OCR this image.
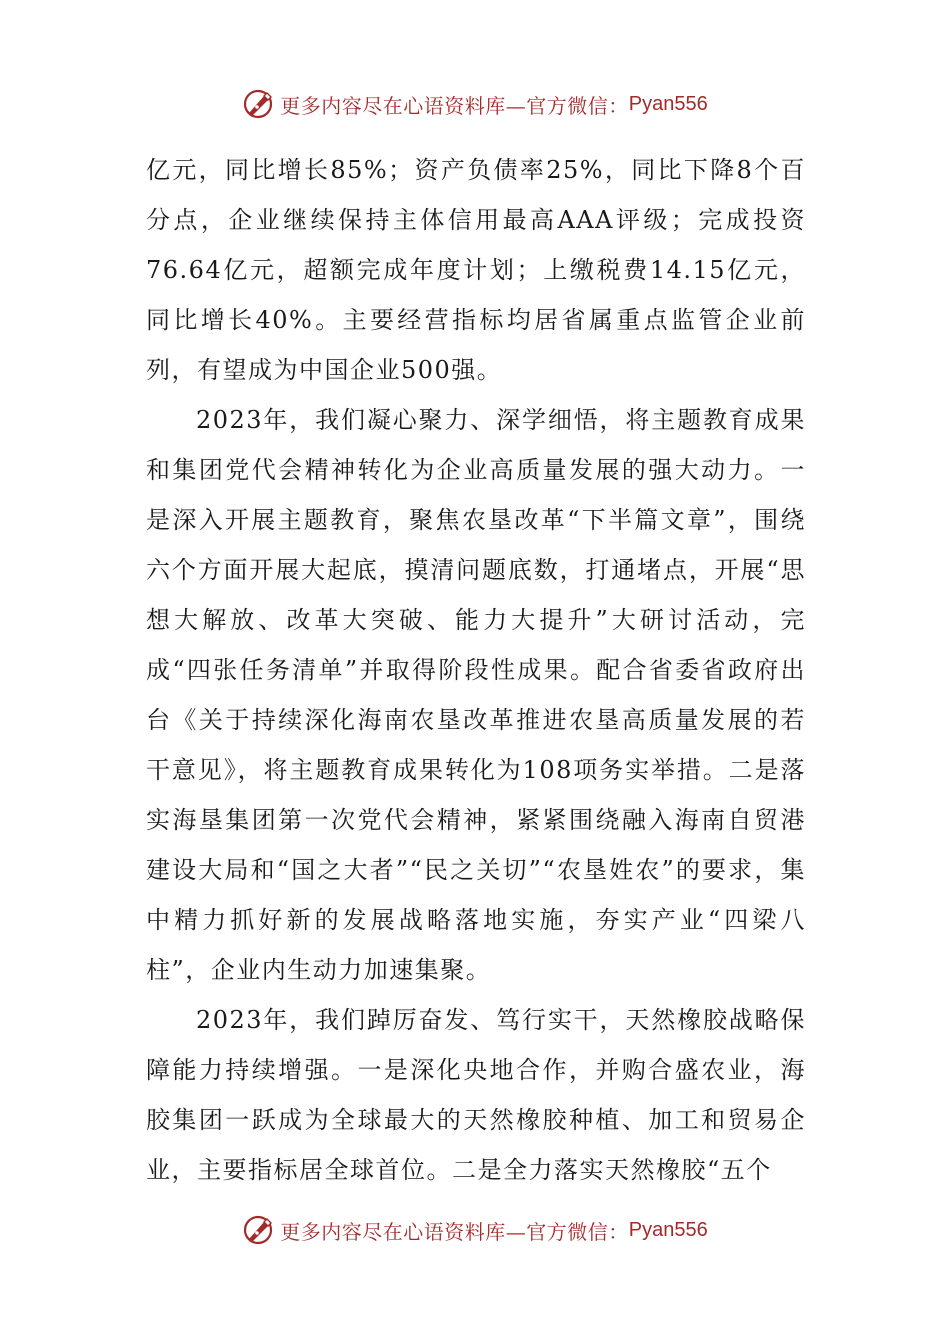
更多内容尽在心语资料库—官方微信： Pyan556

亿元，同比增长85%；资产负债率25%，同比下降8个百分点，企业继续保持主体信用最高AAA评级；完成投资76.64亿元，超额完成年度计划；上缴税费14.15亿元，同比增长40%。主要经营指标均居省属重点监管企业前列，有望成为中国企业500强。

2023年，我们凝心聚力、深学细悟，将主题教育成果和集团党代会精神转化为企业高质量发展的强大动力。一是深入开展主题教育，聚焦农垦改革“下半篇文章”，围绕六个方面开展大起底，摸清问题底数，打通堵点，开展“思想大解放、改革大突破、能力大提升”大研讨活动，完成“四张任务清单”并取得阶段性成果。配合省委省政府出台《关于持续深化海南农垦改革推进农垦高质量发展的若干意见》，将主题教育成果转化为108项务实举措。二是落实海垦集团第一次党代会精神，紧紧围绕融入海南自贸港建设大局和“国之大者”“民之关切”“农垦姓农”的要求，集中精力抓好新的发展战略落地实施，夯实产业“四梁八柱”，企业内生动力加速集聚。

2023年，我们踔厉奋发、笃行实干，天然橡胶战略保障能力持续增强。一是深化央地合作，并购合盛农业，海胶集团一跃成为全球最大的天然橡胶种植、加工和贸易企业，主要指标居全球首位。二是全力落实天然橡胶“五个

更多内容尽在心语资料库—官方微信： Pyan556
